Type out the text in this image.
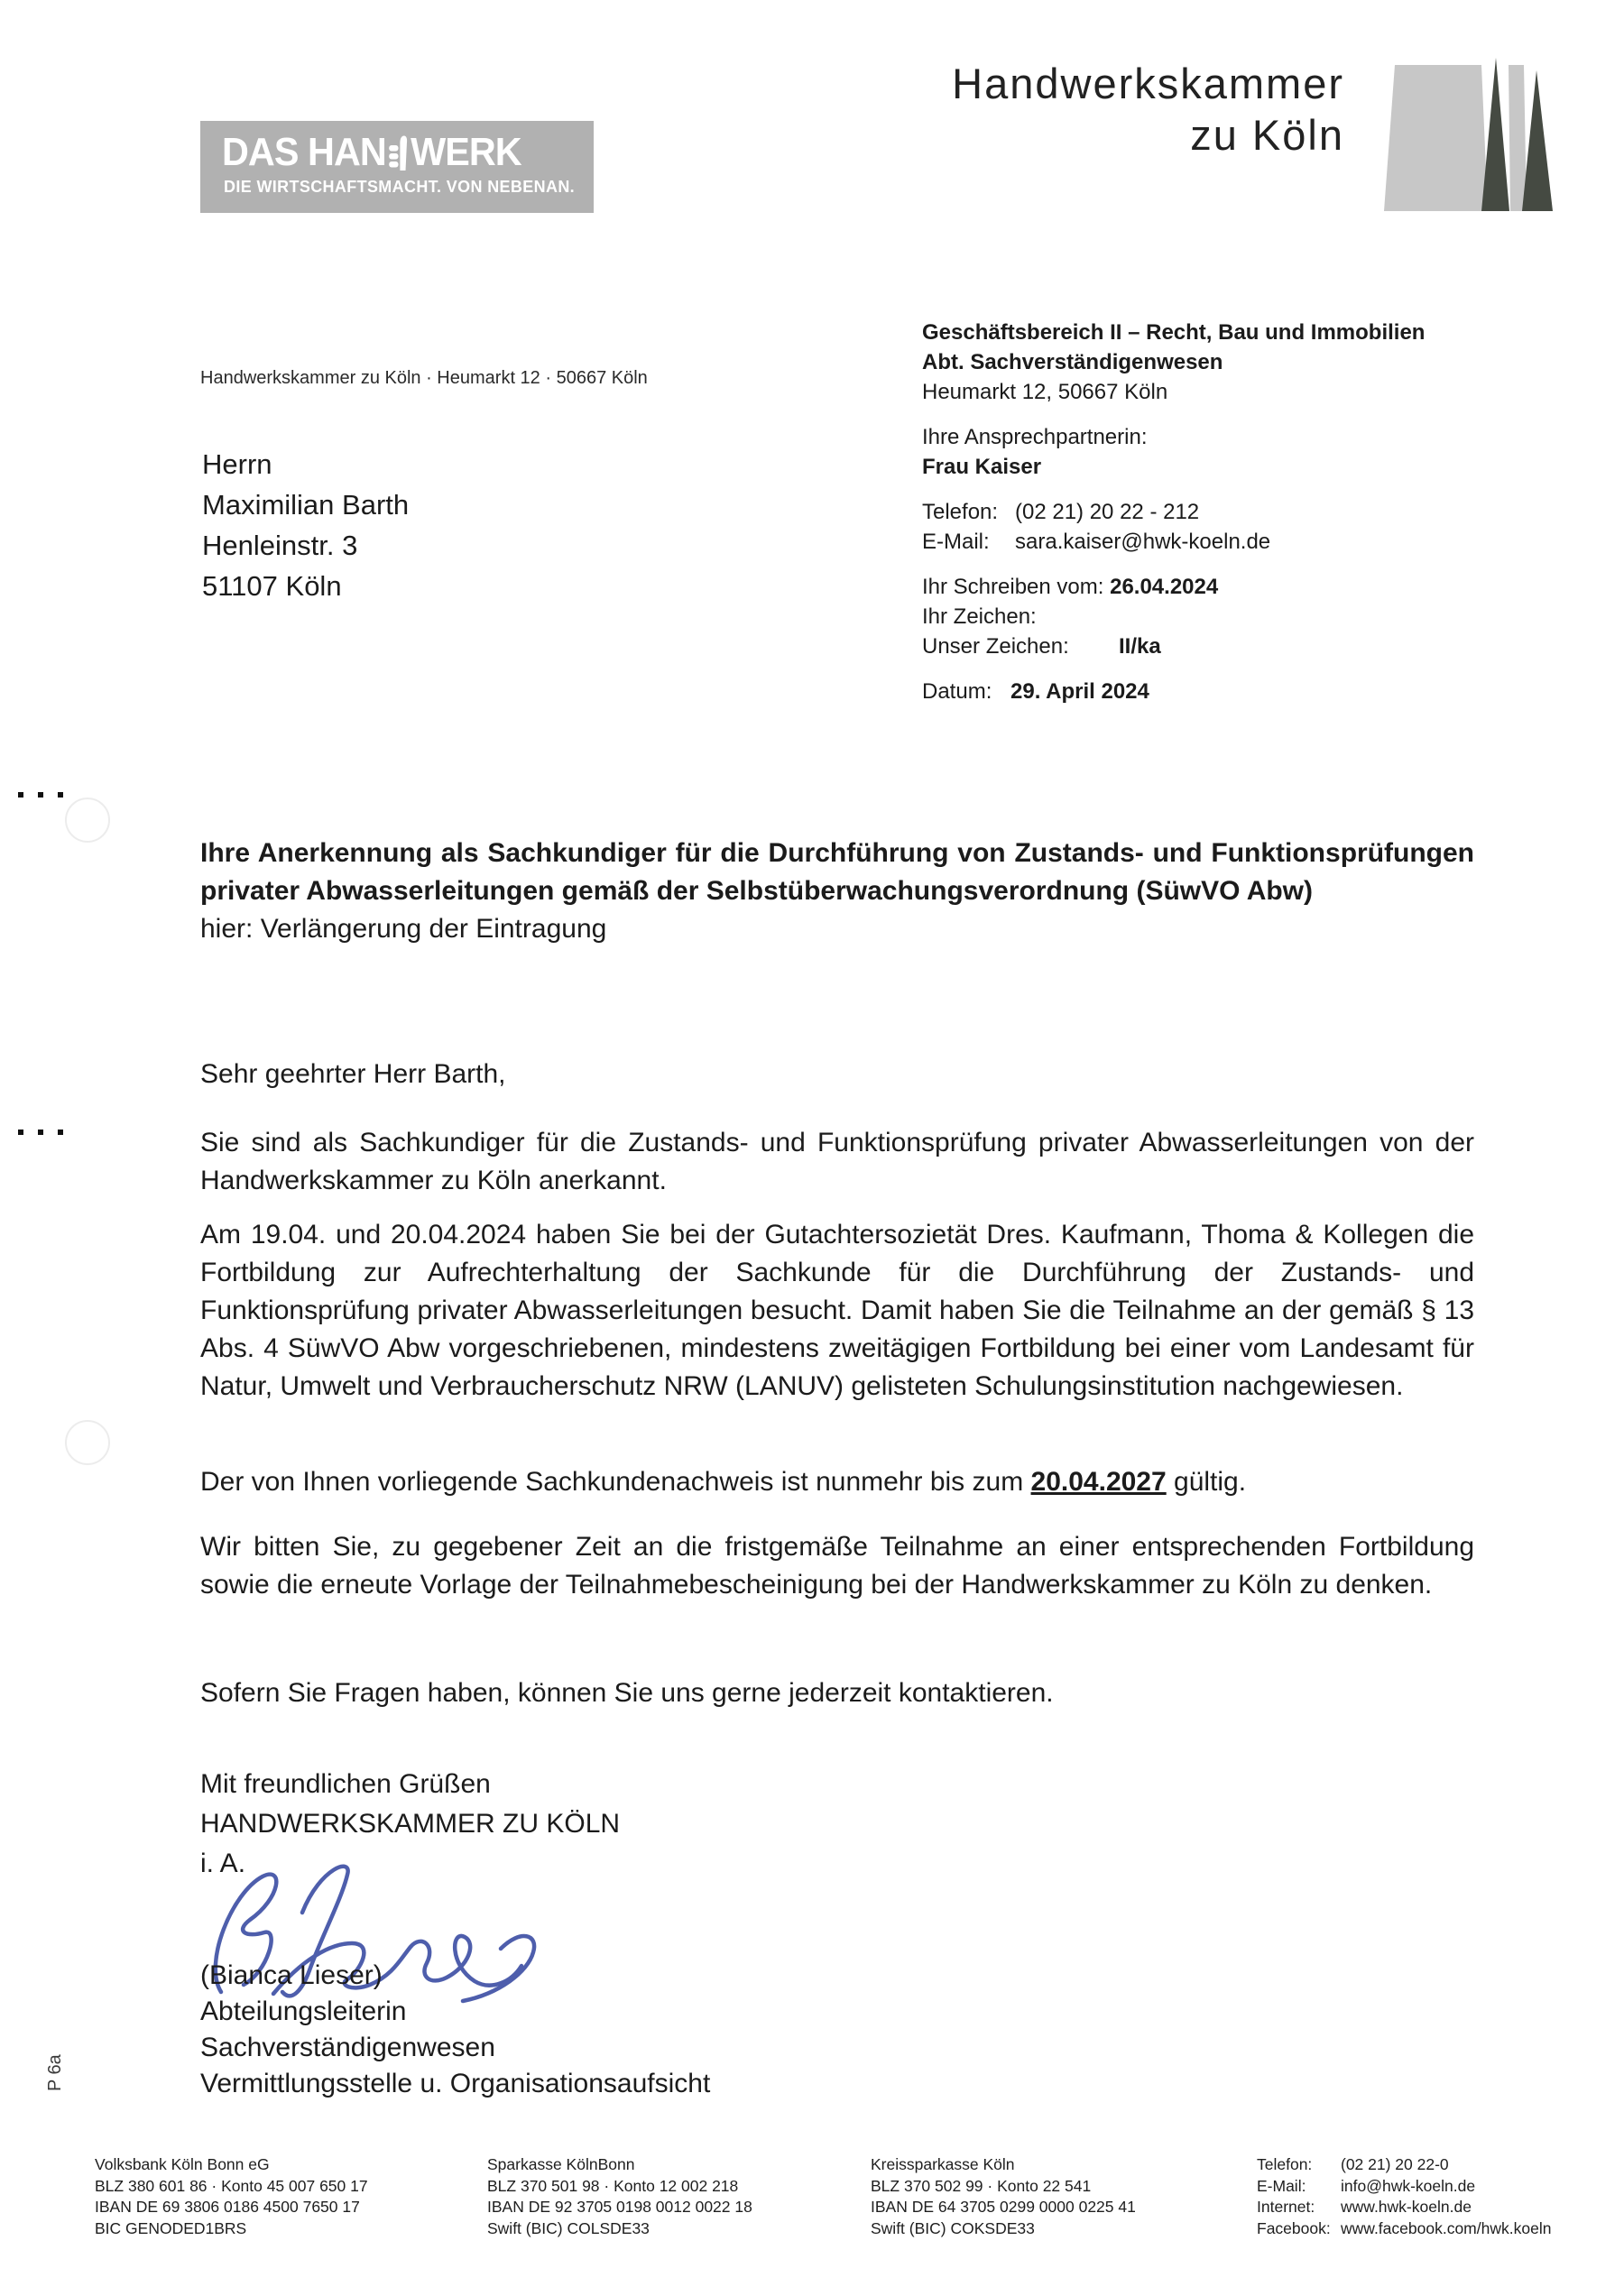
DAS HAN WERK
DIE WIRTSCHAFTSMACHT. VON NEBENAN.
Handwerkskammer
zu Köln
Handwerkskammer zu Köln · Heumarkt 12 · 50667 Köln
Herrn
Maximilian Barth
Henleinstr. 3
51107 Köln
Geschäftsbereich II – Recht, Bau und Immobilien
Abt. Sachverständigenwesen
Heumarkt 12, 50667 Köln
Ihre Ansprechpartnerin:
Frau Kaiser
Telefon: (02 21) 20 22 - 212
E-Mail: sara.kaiser@hwk-koeln.de
Ihr Schreiben vom: 26.04.2024
Ihr Zeichen:
Unser Zeichen: II/ka
Datum: 29. April 2024
P 6a
Ihre Anerkennung als Sachkundiger für die Durchführung von Zustands- und Funktionsprüfungen privater Abwasserleitungen gemäß der Selbstüberwachungsverordnung (SüwVO Abw)
hier: Verlängerung der Eintragung
Sehr geehrter Herr Barth,
Sie sind als Sachkundiger für die Zustands- und Funktionsprüfung privater Abwasserleitungen von der Handwerkskammer zu Köln anerkannt.
Am 19.04. und 20.04.2024 haben Sie bei der Gutachtersozietät Dres. Kaufmann, Thoma & Kollegen die Fortbildung zur Aufrechterhaltung der Sachkunde für die Durchführung der Zustands- und Funktionsprüfung privater Abwasserleitungen besucht. Damit haben Sie die Teilnahme an der gemäß § 13 Abs. 4 SüwVO Abw vorgeschriebenen, mindestens zweitägigen Fortbildung bei einer vom Landesamt für Natur, Umwelt und Verbraucherschutz NRW (LANUV) gelisteten Schulungsinstitution nachgewiesen.
Der von Ihnen vorliegende Sachkundenachweis ist nunmehr bis zum 20.04.2027 gültig.
Wir bitten Sie, zu gegebener Zeit an die fristgemäße Teilnahme an einer entsprechenden Fortbildung sowie die erneute Vorlage der Teilnahmebescheinigung bei der Handwerkskammer zu Köln zu denken.
Sofern Sie Fragen haben, können Sie uns gerne jederzeit kontaktieren.
Mit freundlichen Grüßen
HANDWERKSKAMMER ZU KÖLN
i. A.
(Bianca Lieser)
Abteilungsleiterin
Sachverständigenwesen
Vermittlungsstelle u. Organisationsaufsicht
Volksbank Köln Bonn eG
BLZ 380 601 86 · Konto 45 007 650 17
IBAN DE 69 3806 0186 4500 7650 17
BIC GENODED1BRS
Sparkasse KölnBonn
BLZ 370 501 98 · Konto 12 002 218
IBAN DE 92 3705 0198 0012 0022 18
Swift (BIC) COLSDE33
Kreissparkasse Köln
BLZ 370 502 99 · Konto 22 541
IBAN DE 64 3705 0299 0000 0225 41
Swift (BIC) COKSDE33
Telefon: (02 21) 20 22-0
E-Mail: info@hwk-koeln.de
Internet: www.hwk-koeln.de
Facebook: www.facebook.com/hwk.koeln
